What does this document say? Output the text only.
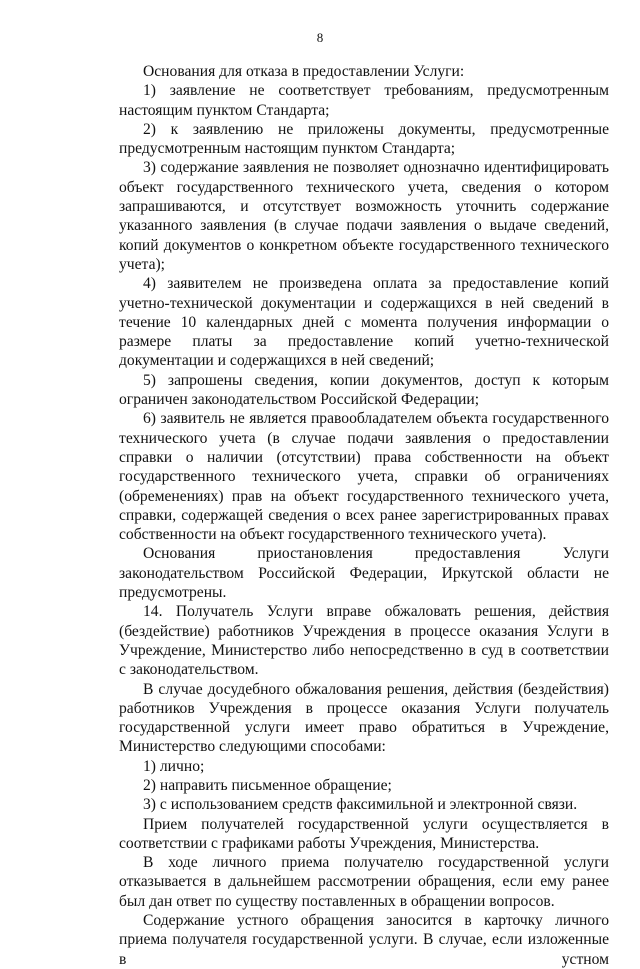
8

Основания для отказа в предоставлении Услуги:

1) заявление не соответствует требованиям, предусмотренным настоящим пунктом Стандарта;

2) к заявлению не приложены документы, предусмотренные предусмотренным настоящим пунктом Стандарта;

3) содержание заявления не позволяет однозначно идентифицировать объект государственного технического учета, сведения о котором запрашиваются, и отсутствует возможность уточнить содержание указанного заявления (в случае подачи заявления о выдаче сведений, копий документов о конкретном объекте государственного технического учета);

4) заявителем не произведена оплата за предоставление копий учетно-технической документации и содержащихся в ней сведений в течение 10 календарных дней с момента получения информации о размере платы за предоставление копий учетно-технической документации и содержащихся в ней сведений;

5) запрошены сведения, копии документов, доступ к которым ограничен законодательством Российской Федерации;

6) заявитель не является правообладателем объекта государственного технического учета (в случае подачи заявления о предоставлении справки о наличии (отсутствии) права собственности на объект государственного технического учета, справки об ограничениях (обременениях) прав на объект государственного технического учета, справки, содержащей сведения о всех ранее зарегистрированных правах собственности на объект государственного технического учета).

Основания приостановления предоставления Услуги законодательством Российской Федерации, Иркутской области не предусмотрены.

14. Получатель Услуги вправе обжаловать решения, действия (бездействие) работников Учреждения в процессе оказания Услуги в Учреждение, Министерство либо непосредственно в суд в соответствии с законодательством.

В случае досудебного обжалования решения, действия (бездействия) работников Учреждения в процессе оказания Услуги получатель государственной услуги имеет право обратиться в Учреждение, Министерство следующими способами:

1) лично;

2) направить письменное обращение;

3) с использованием средств факсимильной и электронной связи.

Прием получателей государственной услуги осуществляется в соответствии с графиками работы Учреждения, Министерства.

В ходе личного приема получателю государственной услуги отказывается в дальнейшем рассмотрении обращения, если ему ранее был дан ответ по существу поставленных в обращении вопросов.

Содержание устного обращения заносится в карточку личного приема получателя государственной услуги. В случае, если изложенные в устном
